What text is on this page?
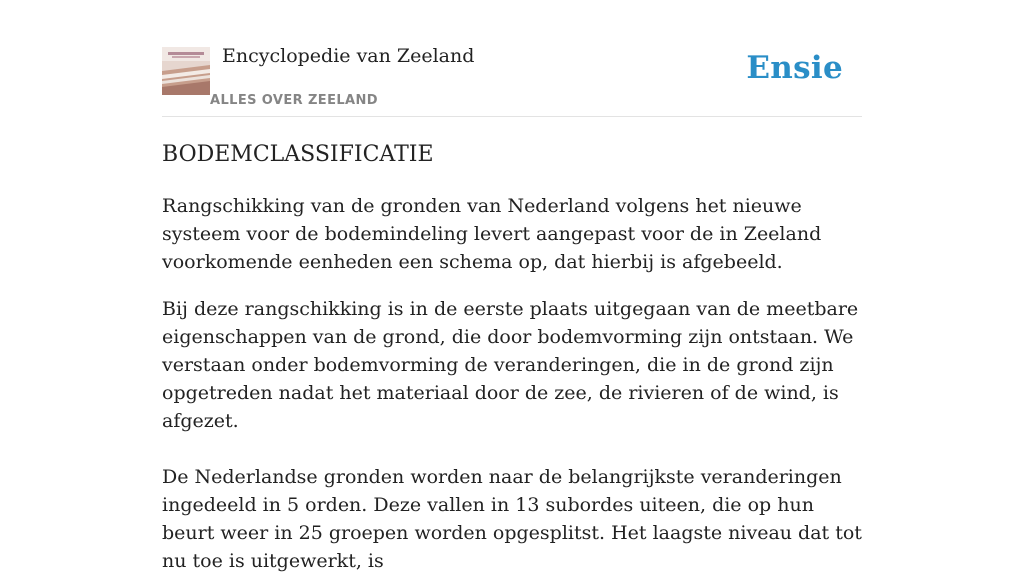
Encyclopedie van Zeeland
ALLES OVER ZEELAND
Ensie
BODEMCLASSIFICATIE

Rangschikking van de gronden van Nederland volgens het nieuwe systeem voor de bodemindeling levert aangepast voor de in Zeeland voorkomende eenheden een schema op, dat hierbij is afgebeeld.

Bij deze rangschikking is in de eerste plaats uitgegaan van de meetbare eigenschappen van de grond, die door bodemvorming zijn ontstaan. We verstaan onder bodemvorming de veranderingen, die in de grond zijn opgetreden nadat het materiaal door de zee, de rivieren of de wind, is afgezet.

De Nederlandse gronden worden naar de belangrijkste veranderingen ingedeeld in 5 orden. Deze vallen in 13 subordes uiteen, die op hun beurt weer in 25 groepen worden opgesplitst. Het laagste niveau dat tot nu toe is uitgewerkt, is
